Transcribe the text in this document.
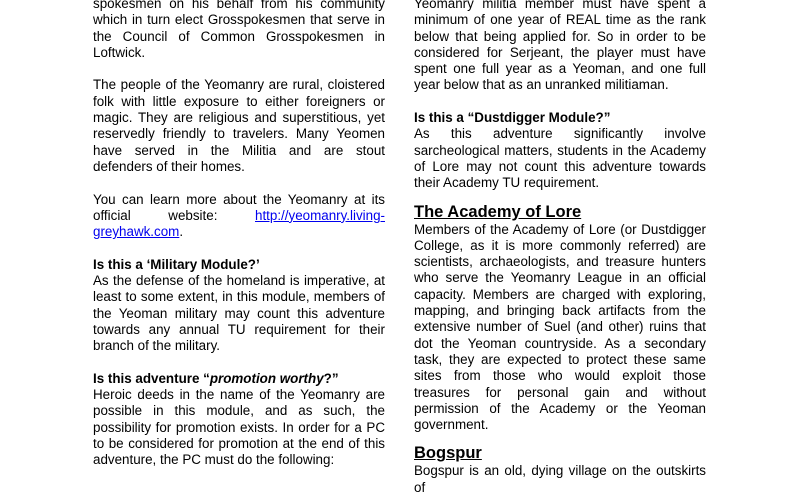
spokesmen on his behalf from his community which in turn elect Grosspokesmen that serve in the Council of Common Grosspokesmen in Loftwick.

The people of the Yeomanry are rural, cloistered folk with little exposure to either foreigners or magic. They are religious and superstitious, yet reservedly friendly to travelers. Many Yeomen have served in the Militia and are stout defenders of their homes.

You can learn more about the Yeomanry at its official website: http://yeomanry.living-greyhawk.com.

Is this a ‘Military Module?’

As the defense of the homeland is imperative, at least to some extent, in this module, members of the Yeoman military may count this adventure towards any annual TU requirement for their branch of the military.

Is this adventure “promotion worthy?”

Heroic deeds in the name of the Yeomanry are possible in this module, and as such, the possibility for promotion exists. In order for a PC to be considered for promotion at the end of this adventure, the PC must do the following:

Yeomanry militia member must have spent a minimum of one year of REAL time as the rank below that being applied for. So in order to be considered for Serjeant, the player must have spent one full year as a Yeoman, and one full year below that as an unranked militiaman.

Is this a “Dustdigger Module?”

As this adventure significantly involve sarcheological matters, students in the Academy of Lore may not count this adventure towards their Academy TU requirement.

The Academy of Lore

Members of the Academy of Lore (or Dustdigger College, as it is more commonly referred) are scientists, archaeologists, and treasure hunters who serve the Yeomanry League in an official capacity. Members are charged with exploring, mapping, and bringing back artifacts from the extensive number of Suel (and other) ruins that dot the Yeoman countryside. As a secondary task, they are expected to protect these same sites from those who would exploit those treasures for personal gain and without permission of the Academy or the Yeoman government.

Bogspur

Bogspur is an old, dying village on the outskirts of
